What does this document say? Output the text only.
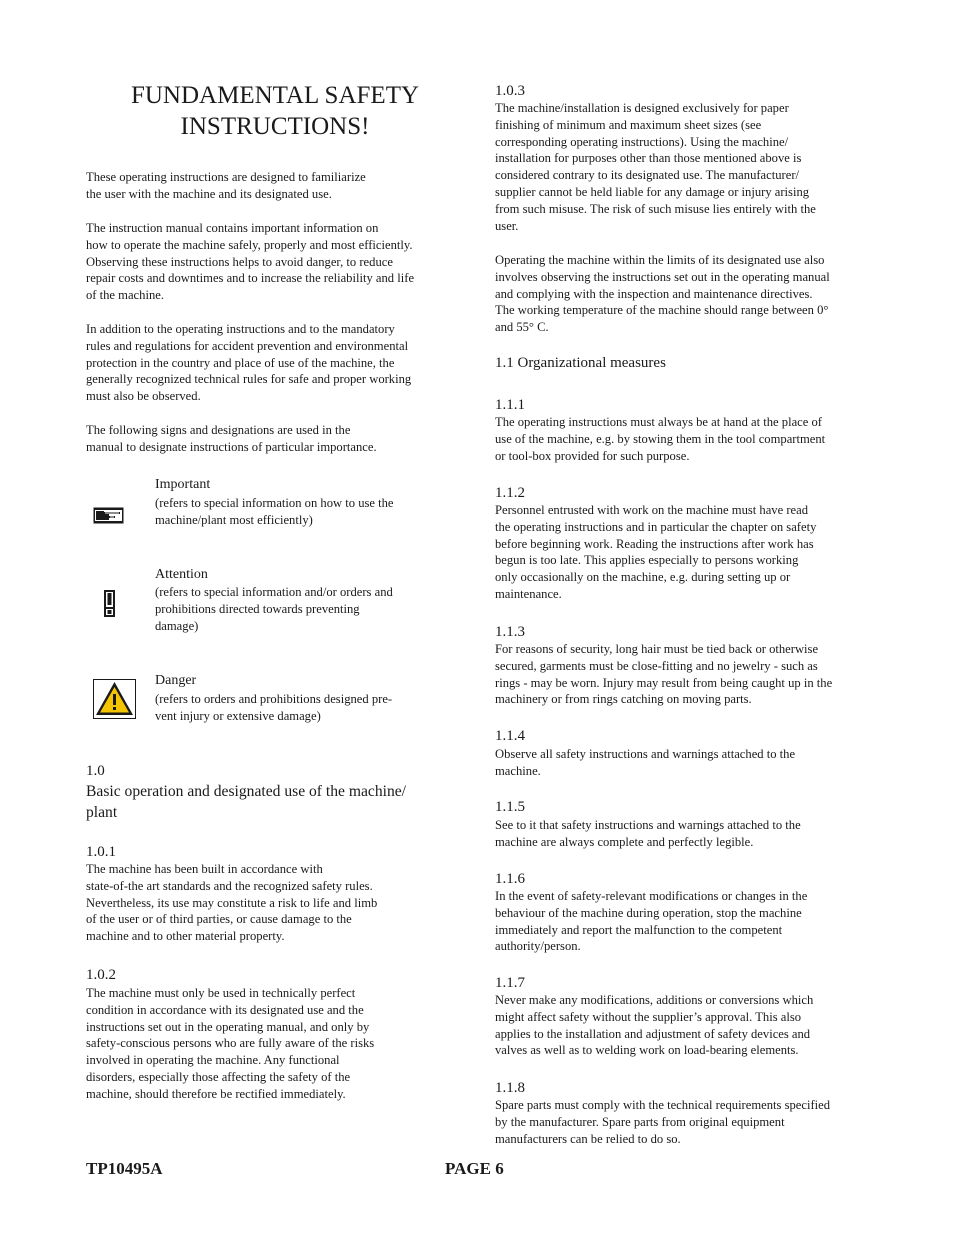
FUNDAMENTAL SAFETY
INSTRUCTIONS!

These operating instructions are designed to familiarize
the user with the machine and its designated use.

The instruction manual contains important information on
how to operate the machine safely, properly and most efficiently.
Observing these instructions helps to avoid danger, to reduce
repair costs and downtimes and to increase the reliability and life
of the machine.

In addition to the operating instructions and to the mandatory
rules and regulations for accident prevention and environmental
protection in the country and place of use of the machine, the
generally recognized technical rules for safe and proper working
must also be observed.

The following signs and designations are used in the
manual to designate instructions of particular importance.

Important

(refers to special information on how to use the
machine/plant most efficiently)

Attention

(refers to special information and/or orders and
prohibitions directed towards preventing
damage)

Danger

(refers to orders and prohibitions designed pre-
vent injury or extensive damage)

1.0
Basic operation and designated use of the machine/
plant
1.0.1

The machine has been built in accordance with
state-of-the art standards and the recognized safety rules.
Nevertheless, its use may constitute a risk to life and limb
of the user or of third parties, or cause damage to the
machine and to other material property.

1.0.2

The machine must only be used in technically perfect
condition in accordance with its designated use and the
instructions set out in the operating manual, and only by
safety-conscious persons who are fully aware of the risks
involved in operating the machine. Any functional
disorders, especially those affecting the safety of the
machine, should therefore be rectified immediately.

1.0.3

The machine/installation is designed exclusively for paper
finishing of minimum and maximum sheet sizes (see
corresponding operating instructions). Using the machine/
installation for purposes other than those mentioned above is
considered contrary to its designated use. The manufacturer/
supplier cannot be held liable for any damage or injury arising
from such misuse. The risk of such misuse lies entirely with the
user.

Operating the machine within the limits of its designated use also
involves observing the instructions set out in the operating manual
and complying with the inspection and maintenance directives.
The working temperature of the machine should range between 0°
and 55° C.

1.1 Organizational measures
1.1.1

The operating instructions must always be at hand at the place of
use of the machine, e.g. by stowing them in the tool compartment
or tool-box provided for such purpose.

1.1.2

Personnel entrusted with work on the machine must have read
the operating instructions and in particular the chapter on safety
before beginning work. Reading the instructions after work has
begun is too late. This applies especially to persons working
only occasionally on the machine, e.g. during setting up or
maintenance.

1.1.3

For reasons of security, long hair must be tied back or otherwise
secured, garments must be close-fitting and no jewelry - such as
rings - may be worn. Injury may result from being caught up in the
machinery or from rings catching on moving parts.

1.1.4

Observe all safety instructions and warnings attached to the
machine.

1.1.5

See to it that safety instructions and warnings attached to the
machine are always complete and perfectly legible.

1.1.6

In the event of safety-relevant modifications or changes in the
behaviour of the machine during operation, stop the machine
immediately and report the malfunction to the competent
authority/person.

1.1.7

Never make any modifications, additions or conversions which
might affect safety without the supplier’s approval. This also
applies to the installation and adjustment of safety devices and
valves as well as to welding work on load-bearing elements.

1.1.8

Spare parts must comply with the technical requirements specified
by the manufacturer. Spare parts from original equipment
manufacturers can be relied to do so.

TP10495A	PAGE 6
